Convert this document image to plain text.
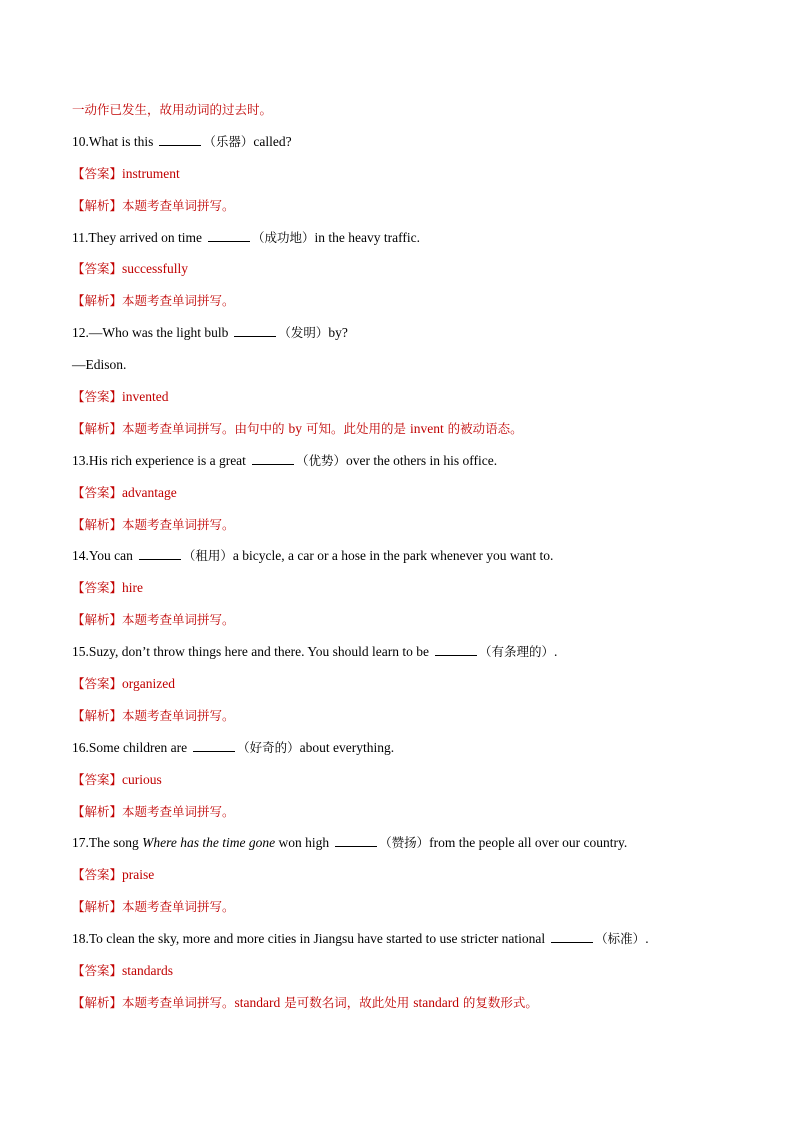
一动作已发生，故用动词的过去时。
10.What is this	（乐器）called?
【答案】instrument
【解析】本题考查单词拼写。
11.They arrived on time	（成功地）in the heavy traffic.
【答案】successfully
【解析】本题考查单词拼写。
12.—Who was the light bulb	（发明）by?
—Edison.
【答案】invented
【解析】本题考查单词拼写。由句中的 by 可知。此处用的是 invent 的被动语态。
13.His rich experience is a great	（优势）over the others in his office.
【答案】advantage
【解析】本题考查单词拼写。
14.You can	（租用）a bicycle, a car or a hose in the park whenever you want to.
【答案】hire
【解析】本题考查单词拼写。
15.Suzy, don’t throw things here and there. You should learn to be	（有条理的）.
【答案】organized
【解析】本题考查单词拼写。
16.Some children are	（好奇的）about everything.
【答案】curious
【解析】本题考查单词拼写。
17.The song Where has the time gone won high	（赞扬）from the people all over our country.
【答案】praise
【解析】本题考查单词拼写。
18.To clean the sky, more and more cities in Jiangsu have started to use stricter national	（标准）.
【答案】standards
【解析】本题考查单词拼写。standard 是可数名词，故此处用 standard 的复数形式。
